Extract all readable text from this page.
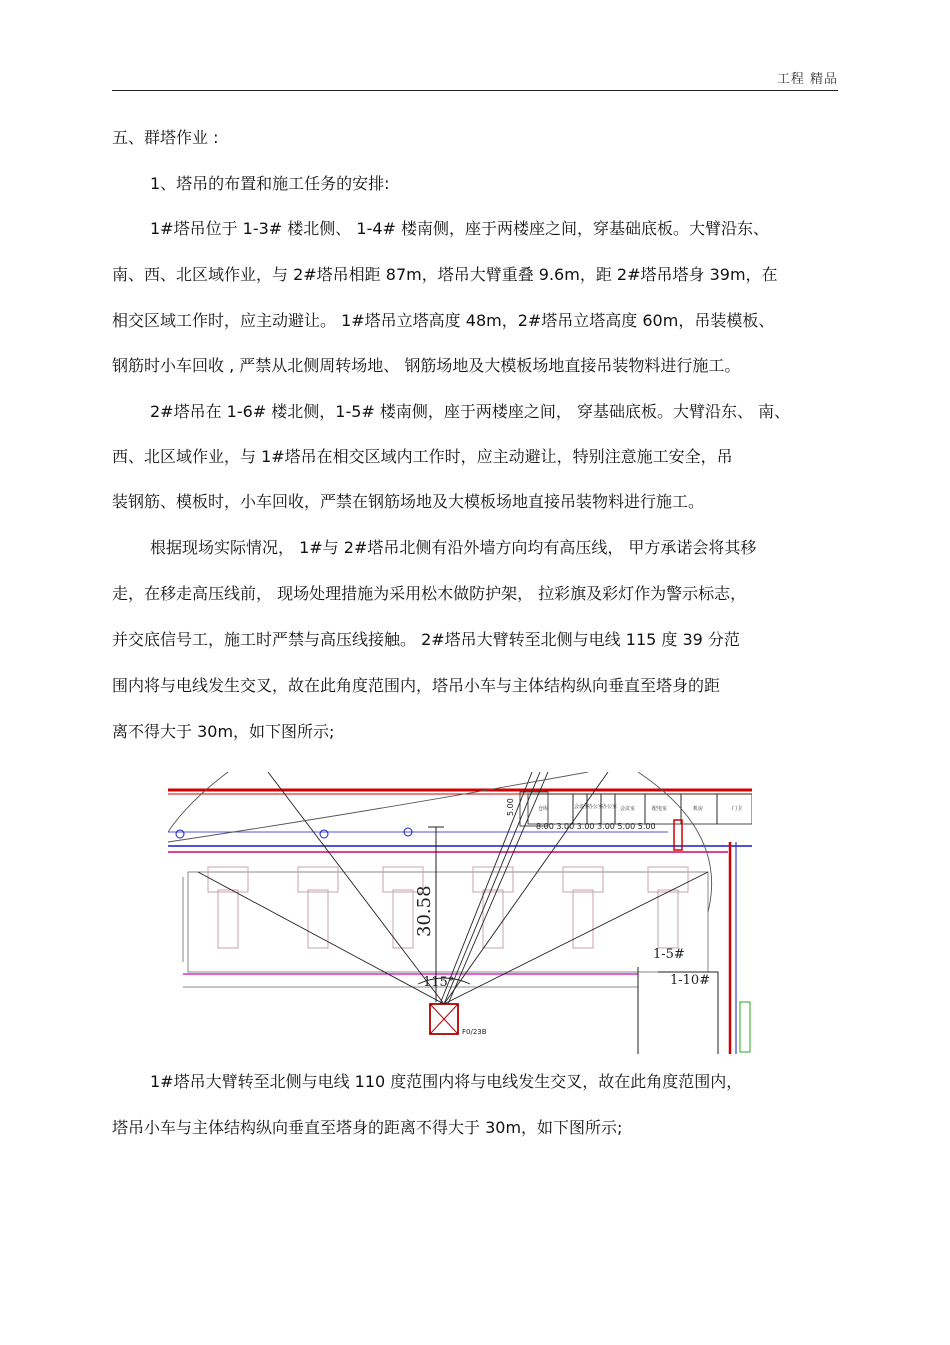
工程 精品
五、群塔作业 :
1、塔吊的布置和施工任务的安排:
1#塔吊位于 1-3# 楼北侧、 1-4# 楼南侧，座于两楼座之间，穿基础底板。大臂沿东、
南、西、北区域作业，与 2#塔吊相距 87m，塔吊大臂重叠 9.6m，距 2#塔吊塔身 39m，在
相交区域工作时，应主动避让。 1#塔吊立塔高度 48m，2#塔吊立塔高度 60m，吊装模板、
钢筋时小车回收 , 严禁从北侧周转场地、 钢筋场地及大模板场地直接吊装物料进行施工。
2#塔吊在 1-6# 楼北侧，1-5# 楼南侧，座于两楼座之间， 穿基础底板。大臂沿东、 南、
西、北区域作业，与 1#塔吊在相交区域内工作时，应主动避让，特别注意施工安全，吊
装钢筋、模板时，小车回收，严禁在钢筋场地及大模板场地直接吊装物料进行施工。
根据现场实际情况， 1#与 2#塔吊北侧有沿外墙方向均有高压线， 甲方承诺会将其移
走，在移走高压线前， 现场处理措施为采用松木做防护架， 拉彩旗及彩灯作为警示标志，
并交底信号工，施工时严禁与高压线接触。 2#塔吊大臂转至北侧与电线 115 度 39 分范
围内将与电线发生交叉，故在此角度范围内，塔吊小车与主体结构纵向垂直至塔身的距
离不得大于 30m，如下图所示;
仓库	会议室
办公室
办公室 会议室	配电室	机房	门卫
5.00
8.00 3.00 3.00 3.00 5.00 5.00
1-5#
1-10#
30.58
F0/23B
115°
1#塔吊大臂转至北侧与电线 110 度范围内将与电线发生交叉，故在此角度范围内，
塔吊小车与主体结构纵向垂直至塔身的距离不得大于 30m，如下图所示;
